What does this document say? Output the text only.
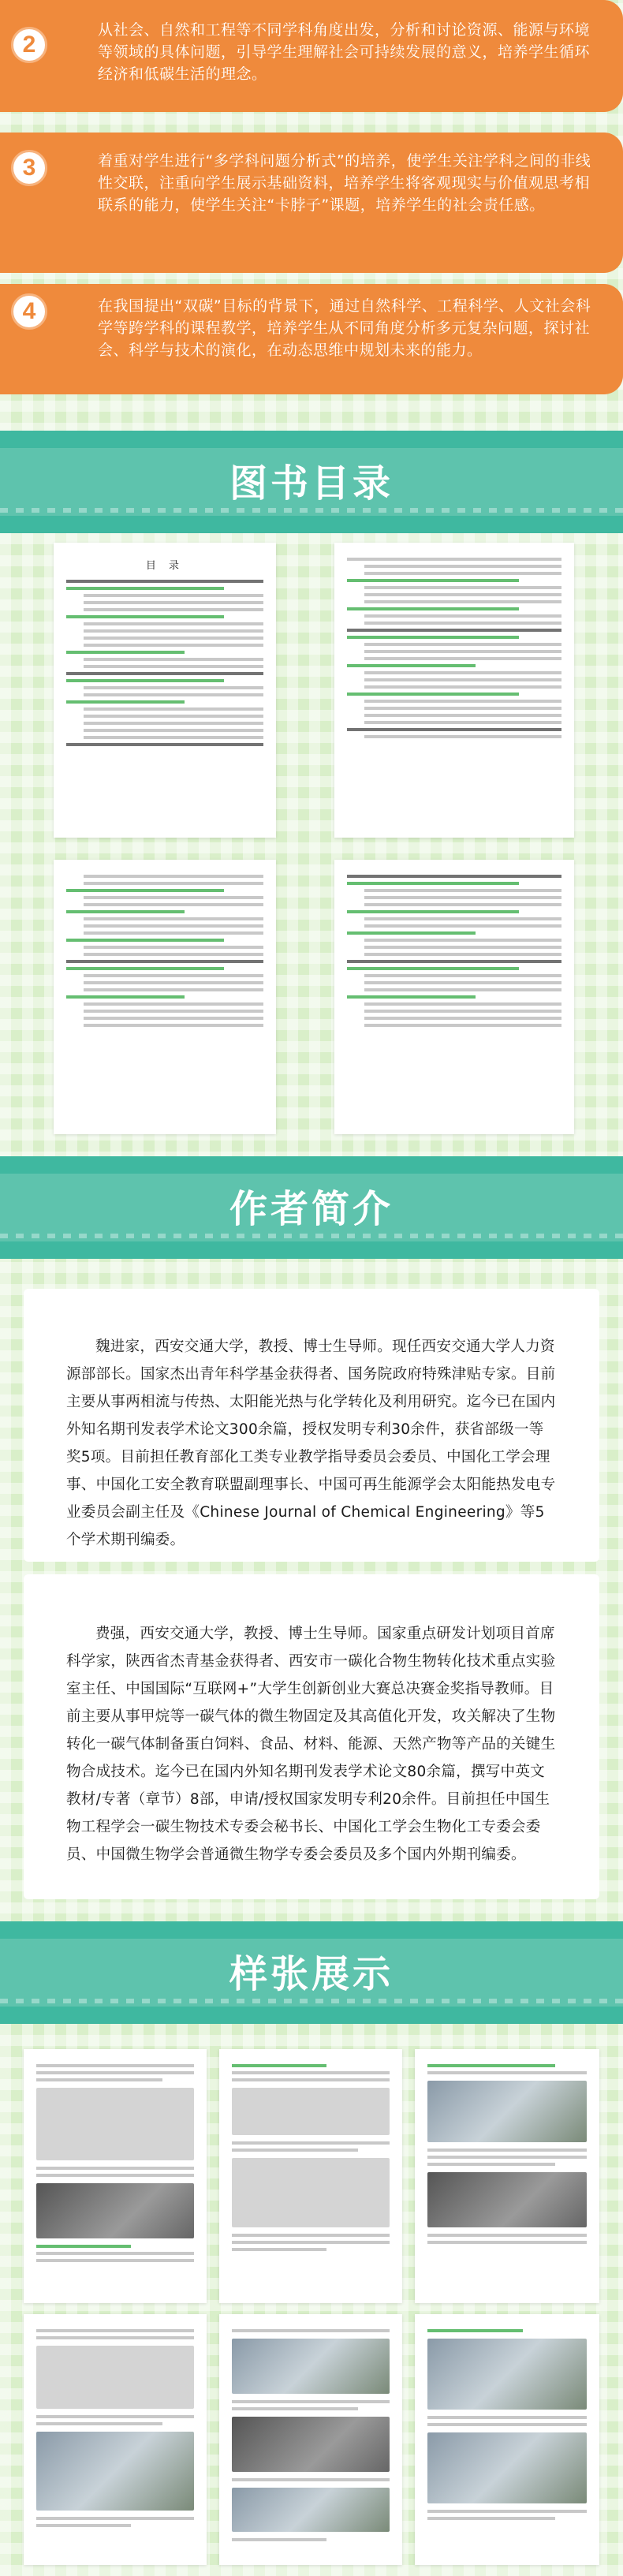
2
从社会、自然和工程等不同学科角度出发，分析和讨论资源、能源与环境等领域的具体问题，引导学生理解社会可持续发展的意义，培养学生循环经济和低碳生活的理念。
3	着重对学生进行“多学科问题分析式”的培养，使学生关注学科之间的非线性交联，注重向学生展示基础资料，培养学生将客观现实与价值观思考相联系的能力，使学生关注“卡脖子”课题，培养学生的社会责任感。
4	在我国提出“双碳”目标的背景下，通过自然科学、工程科学、人文社会科学等跨学科的课程教学，培养学生从不同角度分析多元复杂问题，探讨社会、科学与技术的演化，在动态思维中规划未来的能力。
图书目录
目 录
作者简介
魏进家，西安交通大学，教授、博士生导师。现任西安交通大学人力资源部部长。国家杰出青年科学基金获得者、国务院政府特殊津贴专家。目前主要从事两相流与传热、太阳能光热与化学转化及利用研究。迄今已在国内外知名期刊发表学术论文300余篇，授权发明专利30余件，获省部级一等奖5项。目前担任教育部化工类专业教学指导委员会委员、中国化工学会理事、中国化工安全教育联盟副理事长、中国可再生能源学会太阳能热发电专业委员会副主任及《Chinese Journal of Chemical Engineering》等5个学术期刊编委。
费强，西安交通大学，教授、博士生导师。国家重点研发计划项目首席科学家，陕西省杰青基金获得者、西安市一碳化合物生物转化技术重点实验室主任、中国国际“互联网+”大学生创新创业大赛总决赛金奖指导教师。目前主要从事甲烷等一碳气体的微生物固定及其高值化开发，攻关解决了生物转化一碳气体制备蛋白饲料、食品、材料、能源、天然产物等产品的关键生物合成技术。迄今已在国内外知名期刊发表学术论文80余篇，撰写中英文教材/专著（章节）8部，申请/授权国家发明专利20余件。目前担任中国生物工程学会一碳生物技术专委会秘书长、中国化工学会生物化工专委会委员、中国微生物学会普通微生物学专委会委员及多个国内外期刊编委。
样张展示
